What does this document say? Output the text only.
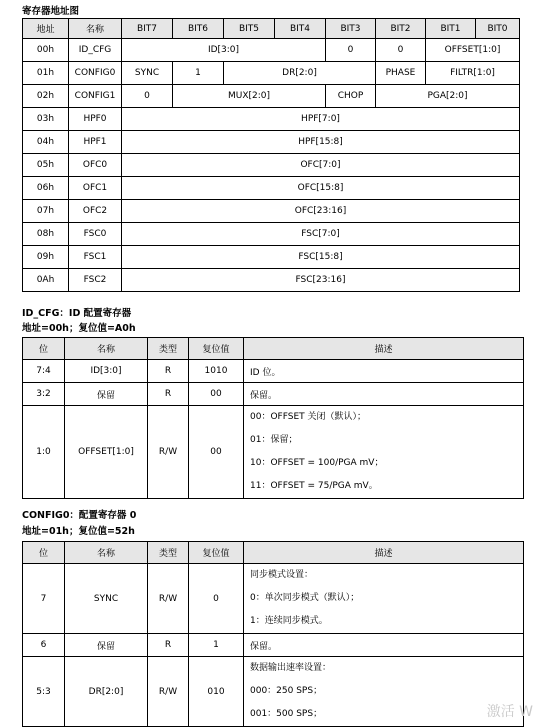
寄存器地址图
地址	名称	BIT7	BIT6	BIT5	BIT4	BIT3	BIT2	BIT1	BIT0
00h	ID_CFG	ID[3:0]				0	0	OFFSET[1:0]	
01h	CONFIG0	SYNC	1	DR[2:0]			PHASE	FILTR[1:0]	
02h	CONFIG1	0	MUX[2:0]			CHOP	PGA[2:0]		
03h	HPF0	HPF[7:0]							
04h	HPF1	HPF[15:8]							
05h	OFC0	OFC[7:0]							
06h	OFC1	OFC[15:8]							
07h	OFC2	OFC[23:16]							
08h	FSC0	FSC[7:0]							
09h	FSC1	FSC[15:8]							
0Ah	FSC2	FSC[23:16]							
ID_CFG：ID 配置寄存器
地址=00h；复位值=A0h
位	名称	类型	复位值	描述
7:4	ID[3:0]	R	1010	ID 位。
3:2	保留	R	00	保留。
1:0	OFFSET[1:0]	R/W	00	00：OFFSET 关闭（默认）；
01：保留；
10：OFFSET = 100/PGA mV；
11：OFFSET = 75/PGA mV。
CONFIG0：配置寄存器 0
地址=01h；复位值=52h
位	名称	类型	复位值	描述
7	SYNC	R/W	0	同步模式设置：
0：单次同步模式（默认）；
1：连续同步模式。

6	保留	R	1	保留。
5:3	DR[2:0]	R/W	010	数据输出速率设置：
000：250 SPS；
001：500 SPS；	激活 W
